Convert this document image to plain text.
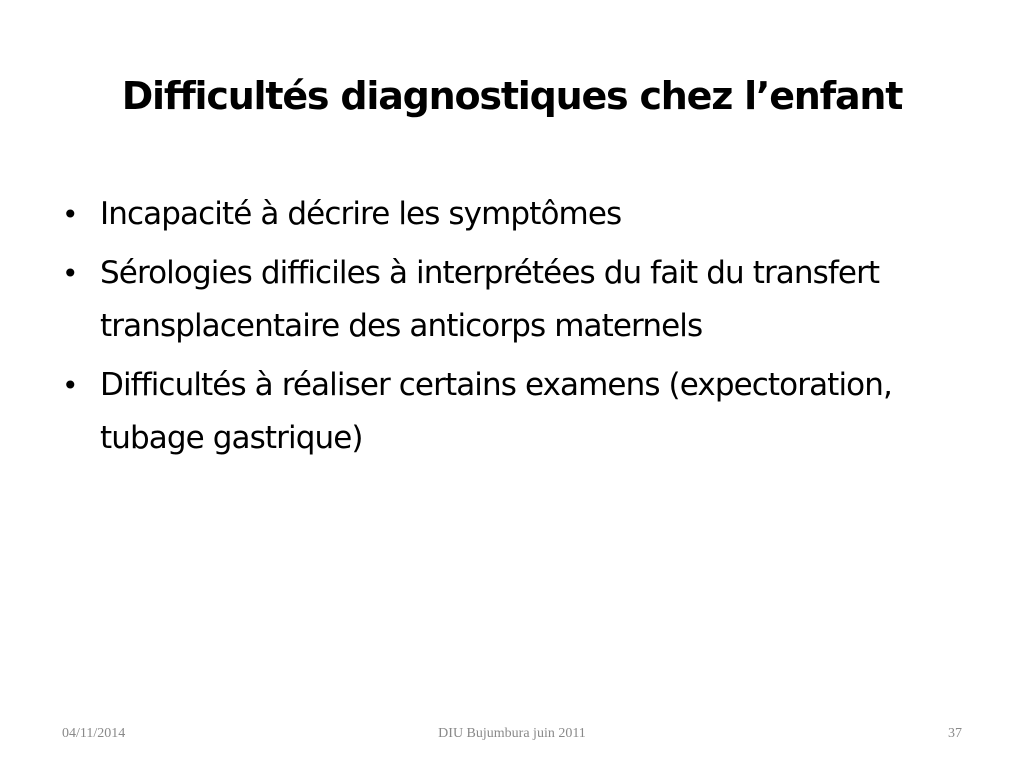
Difficultés diagnostiques chez l’enfant
• Incapacité à décrire les symptômes
• Sérologies difficiles à interprétées du fait du transfert transplacentaire des anticorps maternels
• Difficultés à réaliser certains examens (expectoration, tubage gastrique)
04/11/2014	DIU Bujumbura juin 2011	37
